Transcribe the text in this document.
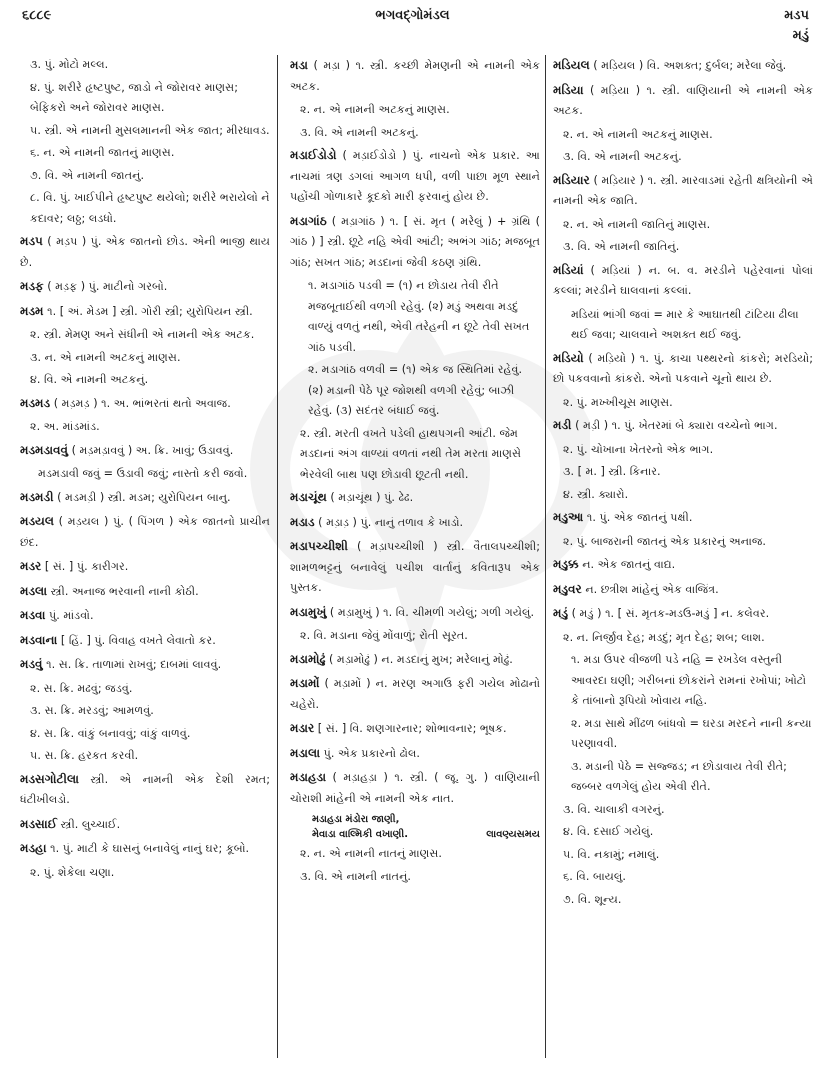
૬૮૮૯	ભગવદ્ગોમંડલ	મડપ
મડું
૩. પું. મોટો મલ્લ.
૪. પું. શરીરે હૃષ્ટપુષ્ટ, જાડો ને જોરાવર માણસ; બેફિકરો અને જોરાવર માણસ.
૫. સ્ત્રી. એ નામની મુસલમાનની એક જાત; મીરધાવડ.
૬. ન. એ નામની જાતનું માણસ.
૭. વિ. એ નામની જાતનું.
૮. વિ. પું. ખાઈપીને હૃષ્ટપુષ્ટ થયેલો; શરીરે ભરાયેલો ને કદાવર; લઠ્ઠ; લડધો.
મડપ ( મડ઼પ ) પું. એક જાતનો છોડ. એની ભાજી થાય છે.
મડફ ( મડ઼ફ ) પું. માટીનો ગરબો.
મડમ ૧. [ અં. મેડમ ] સ્ત્રી. ગોરી સ્ત્રી; યુરોપિયન સ્ત્રી.
૨. સ્ત્રી. મેમણ અને સંધીની એ નામની એક અટક.
૩. ન. એ નામની અટકનું માણસ.
૪. વિ. એ નામની અટકનું.
મડમડ ( મડ઼મડ઼ ) ૧. અ. ભાંભરતાં થતો અવાજ.
૨. અ. માંડમાંડ.
મડમડાવવું ( મડ઼મડ઼ાવવું ) અ. ક્રિ. ખાવું; ઉડાવવું.
મડમડાવી જવું = ઉડાવી જવું; નાસ્તો કરી જવો.
મડમડી ( મડમડ઼ી ) સ્ત્રી. મડમ; યુરોપિયન બાનુ.
મડયલ ( મડ઼યલ ) પું. ( પિંગળ ) એક જાતનો પ્રાચીન છંદ.
મડર [ સં. ] પું. કારીગર.
મડલા સ્ત્રી. અનાજ ભરવાની નાની કોઠી.
મડવા પું. માંડવો.
મડવાના [ હિં. ] પું. વિવાહ વખતે લેવાતો કર.
મડવું ૧. સ. ક્રિ. તાળામાં રાખવું; દાબમાં લાવવું.
૨. સ. ક્રિ. મઢવું; જડવું.
૩. સ. ક્રિ. મરડવું; આમળવું.
૪. સ. ક્રિ. વાંકું બનાવવું; વાંકું વાળવું.
૫. સ. ક્રિ. હરકત કરવી.
મડસગોટીલા સ્ત્રી. એ નામની એક દેશી રમત; ધંટીખીલડો.
મડસાઈ સ્ત્રી. લુચ્ચાઈ.
મડહા ૧. પું. માટી કે ઘાસનું બનાવેલું નાનું ઘર; કૂબો.
૨. પું. શેકેલા ચણા.
મડા ( મડ઼ા ) ૧. સ્ત્રી. કચ્છી મેમણની એ નામની એક અટક.
૨. ન. એ નામની અટકનું માણસ.
૩. વિ. એ નામની અટકનું.
મડાઈડોડો ( મડ઼ાઈડોડો ) પું. નાચનો એક પ્રકાર. આ નાચમાં ત્રણ ડગલાં આગળ ધપી, વળી પાછા મૂળ સ્થાને પહોંચી ગોળાકારે કૂદકો મારી ફરવાનું હોય છે.
મડાગાંઠ ( મડ઼ાગાંઠ ) ૧. [ સં. મૃત ( મરેલું ) + ગ્રંથિ ( ગાંઠ ) ] સ્ત્રી. છૂટે નહિ એવી આંટી; અભંગ ગાંઠ; મજબૂત ગાંઠ; સખત ગાંઠ; મડદાનાં જેવી કઠણ ગ્રંથિ.
૧. મડાગાંઠ પડવી = (૧) ન છોડાય તેવી રીતે મજબૂતાઈથી વળગી રહેવું. (૨) મડું અથવા મડદું વાળ્યું વળતું નથી, એવી તરેહની ન છૂટે તેવી સખત ગાંઠ પડવી.
૨. મડાગાંઠ વળવી = (૧) એક જ સ્થિતિમાં રહેવું. (૨) મડાની પેઠે પૂર જોશથી વળગી રહેવું; બાઝી રહેવું. (૩) સદંતર બંધાઈ જવું.
૨. સ્ત્રી. મરતી વખતે પડેલી હાથપગની આંટી. જેમ મડદાનાં અંગ વાળ્યાં વળતાં નથી તેમ મરતા માણસે ભેરવેલી બાથ પણ છોડાવી છૂટતી નથી.
મડાચૂંથ ( મડ઼ાચૂંથ ) પું. ઢેઢ.
મડાડ ( મડ઼ાડ઼ ) પું. નાનું તળાવ કે ખાડો.
મડાપચ્ચીશી ( મડ઼ાપચ્ચીશી ) સ્ત્રી. વૈતાલપચ્ચીશી; શામળભટ્ટનું બનાવેલું પચીશ વાર્તાનું કવિતારૂપ એક પુસ્તક.
મડામુખું ( મડ઼ામુખું ) ૧. વિ. ચીમળી ગયેલું; ગળી ગયેલું.
૨. વિ. મડાના જેવું મોંવાળું; રોતી સૂરત.
મડામોઢું ( મડ઼ામોઢું ) ન. મડદાનું મુખ; મરેલાનું મોઢું.
મડામોં ( મડ઼ામોં ) ન. મરણ અગાઉ ફરી ગયેલ મોઢાનો ચહેરો.
મડાર [ સં. ] વિ. શણગારનાર; શોભાવનાર; ભૂષક.
મડાલા પું. એક પ્રકારનો ઢોલ.
મડાહડા ( મડ઼ાહડ઼ા ) ૧. સ્ત્રી. ( જૂ. ગુ. ) વાણિયાની ચોરાશી માંહેની એ નામની એક નાત.
મડાહડા મંડોરા જાણી,
લાવણ્યસમય
મેવાડા વાલ્મિકી વખાણી.
૨. ન. એ નામની નાતનું માણસ.
૩. વિ. એ નામની નાતનું.
મડિયલ ( મડ઼િયલ ) વિ. અશક્ત; દુર્બલ; મરેલા જેવું.
મડિયા ( મડ઼િયા ) ૧. સ્ત્રી. વાણિયાની એ નામની એક અટક.
૨. ન. એ નામની અટકનું માણસ.
૩. વિ. એ નામની અટકનું.
મડિયાર ( મડ઼િયાર ) ૧. સ્ત્રી. મારવાડમાં રહેતી ક્ષત્રિયોની એ નામની એક જાતિ.
૨. ન. એ નામની જાતિનું માણસ.
૩. વિ. એ નામની જાતિનું.
મડિયાં ( મડ઼િયાં ) ન. બ. વ. મરડીને પહેરવાનાં પોલાં કલ્લાં; મરડીને ઘાલવાનાં કલ્લાં.
મડિયાં ભાંગી જવાં = માર કે આઘાતથી ટાંટિયા ઢીલા થઈ જવા; ચાલવાને અશક્ત થઈ જવું.
મડિયો ( મડ઼િયો ) ૧. પું. કાચા પથ્થરનો કાંકરો; મરડિયો; છો પકવવાનો કાંકરો. એનો પકવાને ચૂનો થાય છે.
૨. પું. મખ્ખીચૂસ માણસ.
મડી ( મડ઼ી ) ૧. પું. ખેતરમાં બે ક્યારા વચ્ચેનો ભાગ.
૨. પું. ચોખાના ખેતરનો એક ભાગ.
૩. [ મ. ] સ્ત્રી. કિનાર.
૪. સ્ત્રી. ક્યારો.
મડુઆ ૧. પું. એક જાતનું પક્ષી.
૨. પું. બાજરાની જાતનું એક પ્રકારનું અનાજ.
મડુક્ક ન. એક જાતનું વાદ્ય.
મડુવર ન. છત્રીશ માંહેનું એક વાજિંત્ર.
મડું ( મડ઼ું ) ૧. [ સં. મૃતક-મડઉ-મડું ] ન. કલેવર.
૨. ન. નિર્જીવ દેહ; મડદું; મૃત દેહ; શબ; લાશ.
૧. મડા ઉપર વીજળી પડે નહિ = રખડેલ વસ્તુની આવરદા ઘણી; ગરીબનાં છોકરાંને રામનાં રખોપાં; ખોટો કે તાંબાનો રૂપિયો ખોવાય નહિ.
૨. મડા સાથે મીંઢળ બાંધવો = ઘરડા મરદને નાની કન્યા પરણાવવી.
૩. મડાની પેઠે = સજ્જડ; ન છોડાવાય તેવી રીતે; જબ્બર વળગેલું હોય એવી રીતે.
૩. વિ. ચાલાકી વગરનું.
૪. વિ. દસાઈ ગયેલું.
૫. વિ. નકામું; નમાલું.
૬. વિ. બાયલું.
૭. વિ. શૂન્ય.
